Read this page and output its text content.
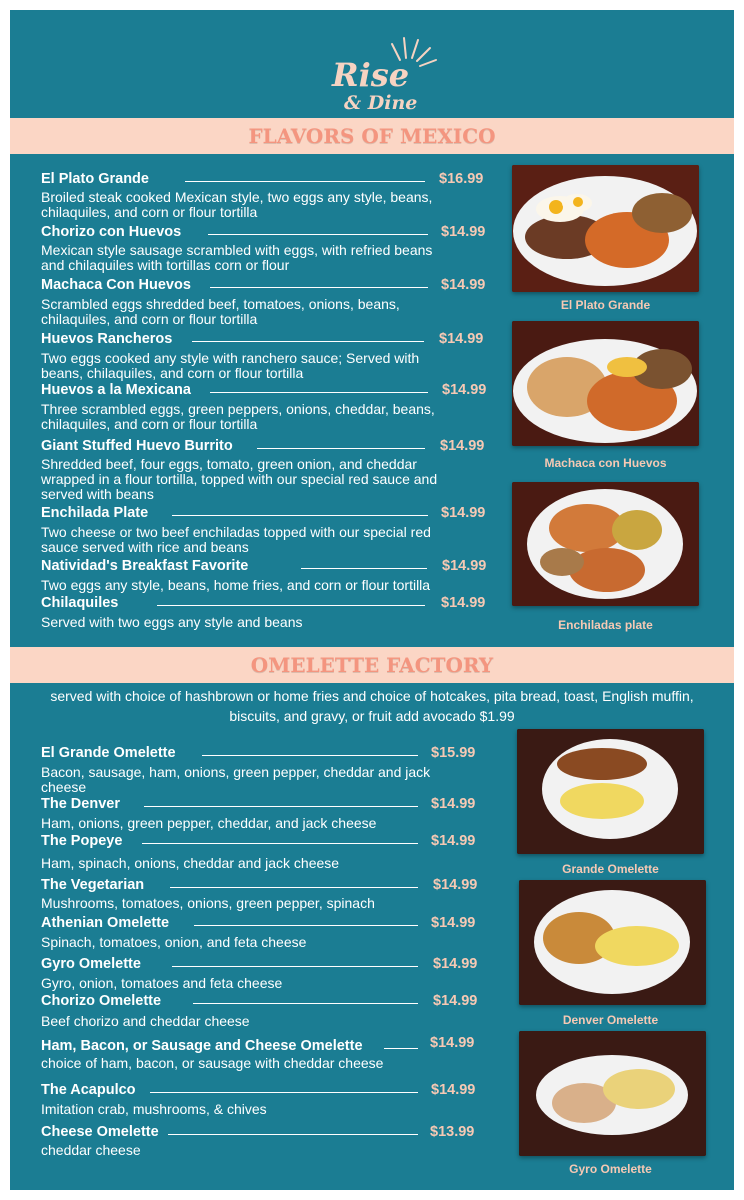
Rise
& Dine
FLAVORS OF MEXICO
El Plato Grande	$16.99
Broiled steak cooked Mexican style, two eggs any style, beans, chilaquiles, and corn or flour tortilla
Chorizo con Huevos	$14.99
Mexican style sausage scrambled with eggs, with refried beans and chilaquiles with tortillas corn or flour
Machaca Con Huevos	$14.99
Scrambled eggs shredded beef, tomatoes, onions, beans, chilaquiles, and corn or flour tortilla
Huevos Rancheros	$14.99
Two eggs cooked any style with ranchero sauce; Served with beans, chilaquiles, and corn or flour tortilla
Huevos a la Mexicana	$14.99
Three scrambled eggs, green peppers, onions, cheddar, beans, chilaquiles, and corn or flour tortilla
Giant Stuffed Huevo Burrito	$14.99
Shredded beef, four eggs, tomato, green onion, and cheddar wrapped in a flour tortilla, topped with our special red sauce and served with beans
Enchilada Plate	$14.99
Two cheese or two beef enchiladas topped with our special red sauce served with rice and beans
Natividad's Breakfast Favorite	$14.99
Two eggs any style, beans, home fries, and corn or flour tortilla
Chilaquiles	$14.99
Served with two eggs any style and beans
El Plato Grande
Machaca con Huevos
Enchiladas plate
OMELETTE FACTORY
served with choice of hashbrown or home fries and choice of hotcakes, pita bread, toast, English muffin, biscuits, and gravy, or fruit add avocado $1.99
El Grande Omelette	$15.99
Bacon, sausage, ham, onions, green pepper, cheddar and jack cheese
The Denver	$14.99
Ham, onions, green pepper, cheddar, and jack cheese
The Popeye	$14.99
Ham, spinach, onions, cheddar and jack cheese
The Vegetarian	$14.99
Mushrooms, tomatoes, onions, green pepper, spinach
Athenian Omelette	$14.99
Spinach, tomatoes, onion, and feta cheese
Gyro Omelette	$14.99
Gyro, onion, tomatoes and feta cheese
Chorizo Omelette	$14.99
Beef chorizo and cheddar cheese
Ham, Bacon, or Sausage and Cheese Omelette	$14.99
choice of ham, bacon, or sausage with cheddar cheese
The Acapulco	$14.99
Imitation crab, mushrooms, & chives
Cheese Omelette	$13.99
cheddar cheese
Grande Omelette
Denver Omelette
Gyro Omelette
